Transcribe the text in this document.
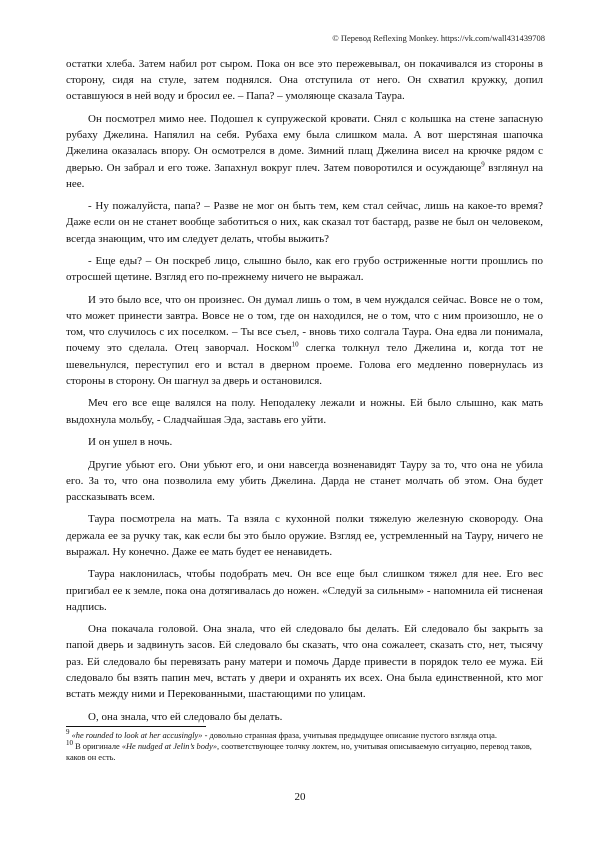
© Перевод Reflexing Monkey. https://vk.com/wall431439708

остатки хлеба. Затем набил рот сыром. Пока он все это пережевывал, он покачивался из стороны в сторону, сидя на стуле, затем поднялся. Она отступила от него. Он схватил кружку, допил оставшуюся в ней воду и бросил ее. – Папа? – умоляюще сказала Таура.

Он посмотрел мимо нее. Подошел к супружеской кровати. Снял с колышка на стене запасную рубаху Джелина. Напялил на себя. Рубаха ему была слишком мала. А вот шерстяная шапочка Джелина оказалась впору. Он осмотрелся в доме. Зимний плащ Джелина висел на крючке рядом с дверью. Он забрал и его тоже. Запахнул вокруг плеч. Затем поворотился и осуждающе$^9$ взглянул на нее.

- Ну пожалуйста, папа? – Разве не мог он быть тем, кем стал сейчас, лишь на какое-то время? Даже если он не станет вообще заботиться о них, как сказал тот бастард, разве не был он человеком, всегда знающим, что им следует делать, чтобы выжить?

- Еще еды? – Он поскреб лицо, слышно было, как его грубо остриженные ногти прошлись по отросшей щетине. Взгляд его по-прежнему ничего не выражал.

И это было все, что он произнес. Он думал лишь о том, в чем нуждался сейчас. Вовсе не о том, что может принести завтра. Вовсе не о том, где он находился, не о том, что с ним произошло, не о том, что случилось с их поселком. – Ты все съел, - вновь тихо солгала Таура. Она едва ли понимала, почему это сделала. Отец заворчал. Носком$^{10}$ слегка толкнул тело Джелина и, когда тот не шевельнулся, переступил его и встал в дверном проеме. Голова его медленно повернулась из стороны в сторону. Он шагнул за дверь и остановился.

Меч его все еще валялся на полу. Неподалеку лежали и ножны. Ей было слышно, как мать выдохнула мольбу, - Сладчайшая Эда, заставь его уйти.

И он ушел в ночь.

Другие убьют его. Они убьют его, и они навсегда возненавидят Тауру за то, что она не убила его. За то, что она позволила ему убить Джелина. Дарда не станет молчать об этом. Она будет рассказывать всем.

Таура посмотрела на мать. Та взяла с кухонной полки тяжелую железную сковороду. Она держала ее за ручку так, как если бы это было оружие. Взгляд ее, устремленный на Тауру, ничего не выражал. Ну конечно. Даже ее мать будет ее ненавидеть.

Таура наклонилась, чтобы подобрать меч. Он все еще был слишком тяжел для нее. Его вес пригибал ее к земле, пока она дотягивалась до ножен. «Следуй за сильным» - напомнила ей тисненая надпись.

Она покачала головой. Она знала, что ей следовало бы делать. Ей следовало бы закрыть за папой дверь и задвинуть засов. Ей следовало бы сказать, что она сожалеет, сказать сто, нет, тысячу раз. Ей следовало бы перевязать рану матери и помочь Дарде привести в порядок тело ее мужа. Ей следовало бы взять папин меч, встать у двери и охранять их всех. Она была единственной, кто мог встать между ними и Перекованными, шастающими по улицам.

О, она знала, что ей следовало бы делать.

$^9$ «he rounded to look at her accusingly» - довольно странная фраза, учитывая предыдущее описание пустого взгляда отца.
$^{10}$ В оригинале «He nudged at Jelin’s body», соответствующее толчку локтем, но, учитывая описываемую ситуацию, перевод таков, каков он есть.
20
